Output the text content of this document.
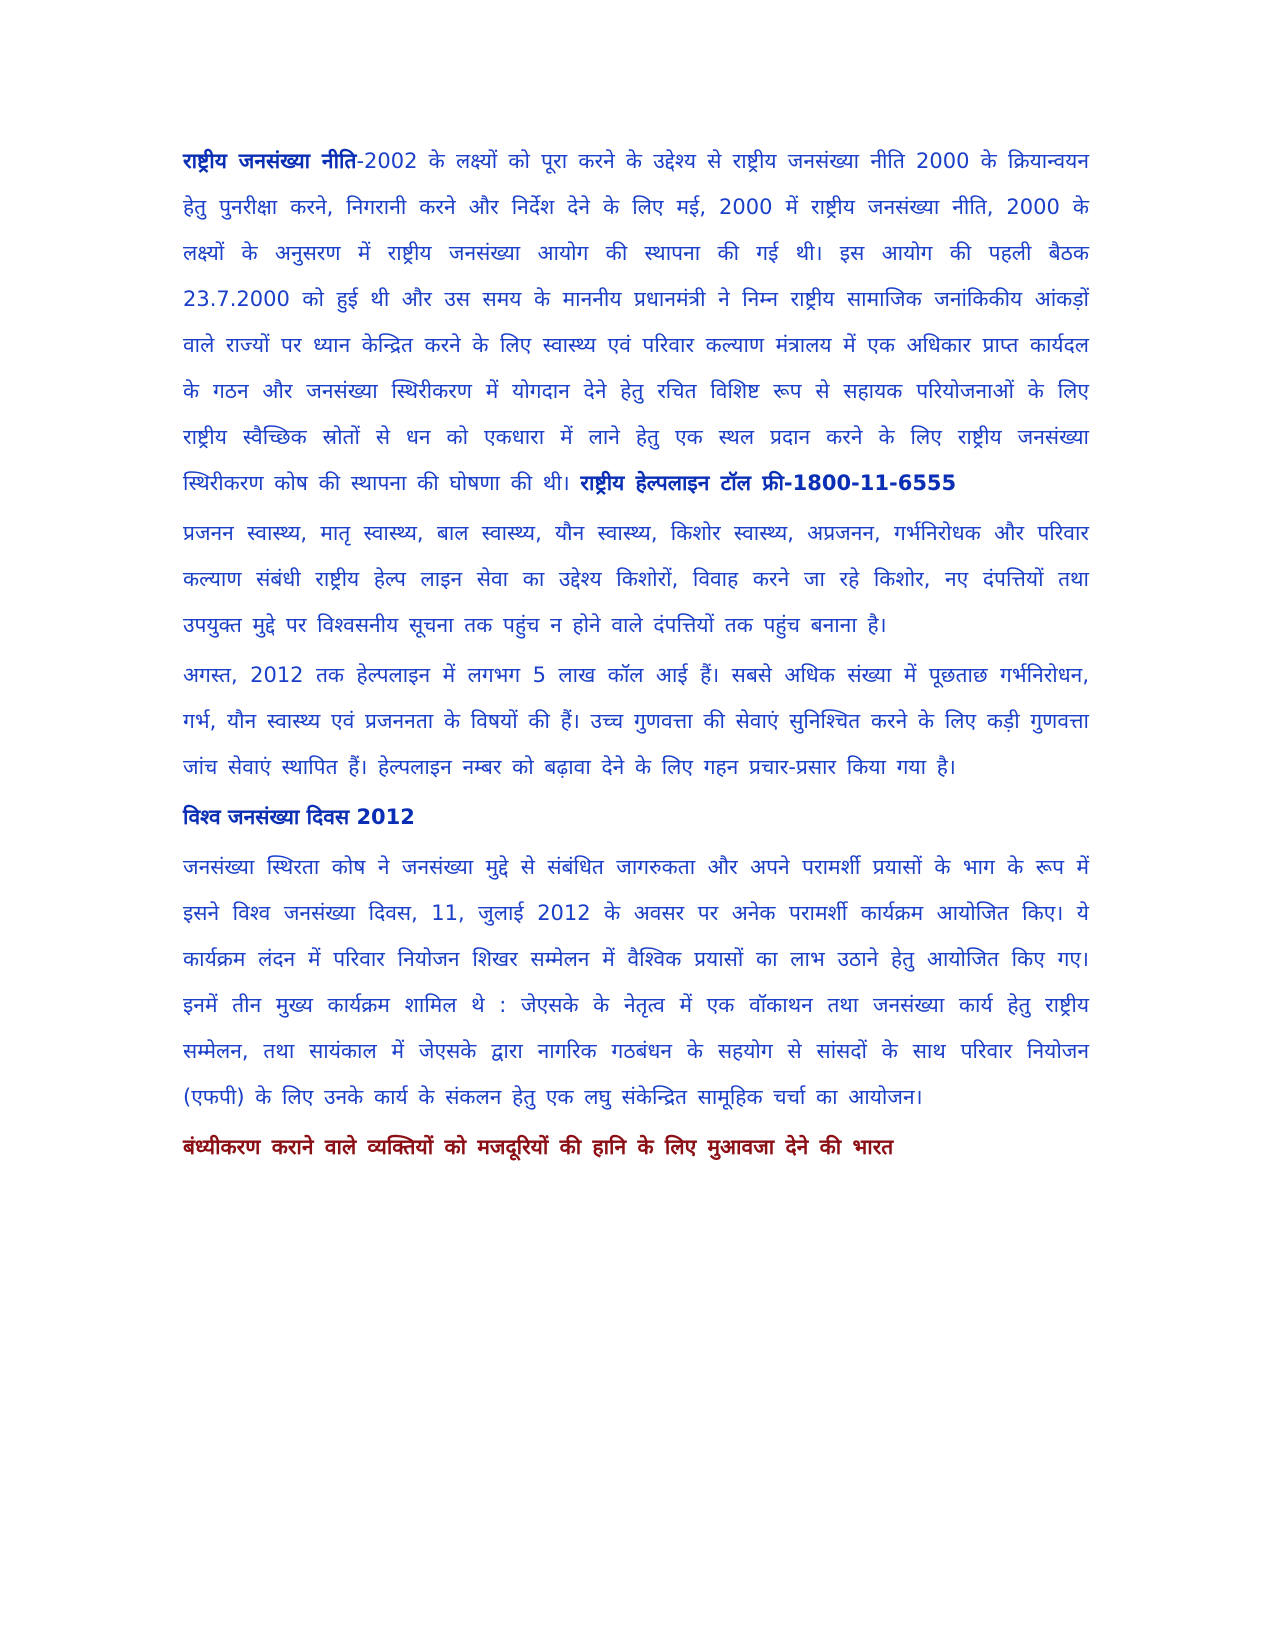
राष्ट्रीय जनसंख्या नीति-2002 के लक्ष्यों को पूरा करने के उद्देश्य से राष्ट्रीय जनसंख्या नीति 2000 के क्रियान्वयन हेतु पुनरीक्षा करने, निगरानी करने और निर्देश देने के लिए मई, 2000 में राष्ट्रीय जनसंख्या नीति, 2000 के लक्ष्यों के अनुसरण में राष्ट्रीय जनसंख्या आयोग की स्थापना की गई थी। इस आयोग की पहली बैठक 23.7.2000 को हुई थी और उस समय के माननीय प्रधानमंत्री ने निम्न राष्ट्रीय सामाजिक जनांकिकीय आंकड़ों वाले राज्यों पर ध्यान केन्द्रित करने के लिए स्वास्थ्य एवं परिवार कल्याण मंत्रालय में एक अधिकार प्राप्त कार्यदल के गठन और जनसंख्या स्थिरीकरण में योगदान देने हेतु रचित विशिष्ट रूप से सहायक परियोजनाओं के लिए राष्ट्रीय स्वैच्छिक स्रोतों से धन को एकधारा में लाने हेतु एक स्थल प्रदान करने के लिए राष्ट्रीय जनसंख्या स्थिरीकरण कोष की स्थापना की घोषणा की थी। राष्ट्रीय हेल्पलाइन टॉल फ्री-1800-11-6555

प्रजनन स्वास्थ्य, मातृ स्वास्थ्य, बाल स्वास्थ्य, यौन स्वास्थ्य, किशोर स्वास्थ्य, अप्रजनन, गर्भनिरोधक और परिवार कल्याण संबंधी राष्ट्रीय हेल्प लाइन सेवा का उद्देश्य किशोरों, विवाह करने जा रहे किशोर, नए दंपत्तियों तथा उपयुक्त मुद्दे पर विश्वसनीय सूचना तक पहुंच न होने वाले दंपत्तियों तक पहुंच बनाना है।

अगस्त, 2012 तक हेल्पलाइन में लगभग 5 लाख कॉल आई हैं। सबसे अधिक संख्या में पूछताछ गर्भनिरोधन, गर्भ, यौन स्वास्थ्य एवं प्रजननता के विषयों की हैं। उच्च गुणवत्ता की सेवाएं सुनिश्चित करने के लिए कड़ी गुणवत्ता जांच सेवाएं स्थापित हैं। हेल्पलाइन नम्बर को बढ़ावा देने के लिए गहन प्रचार-प्रसार किया गया है।

विश्व जनसंख्या दिवस 2012

जनसंख्या स्थिरता कोष ने जनसंख्या मुद्दे से संबंधित जागरुकता और अपने परामर्शी प्रयासों के भाग के रूप में इसने विश्व जनसंख्या दिवस, 11, जुलाई 2012 के अवसर पर अनेक परामर्शी कार्यक्रम आयोजित किए। ये कार्यक्रम लंदन में परिवार नियोजन शिखर सम्मेलन में वैश्विक प्रयासों का लाभ उठाने हेतु आयोजित किए गए। इनमें तीन मुख्य कार्यक्रम शामिल थे : जेएसके के नेतृत्व में एक वॉकाथन तथा जनसंख्या कार्य हेतु राष्ट्रीय सम्मेलन, तथा सायंकाल में जेएसके द्वारा नागरिक गठबंधन के सहयोग से सांसदों के साथ परिवार नियोजन (एफपी) के लिए उनके कार्य के संकलन हेतु एक लघु संकेन्द्रित सामूहिक चर्चा का आयोजन।

बंध्यीकरण कराने वाले व्यक्तियों को मजदूरियों की हानि के लिए मुआवजा देने की भारत
